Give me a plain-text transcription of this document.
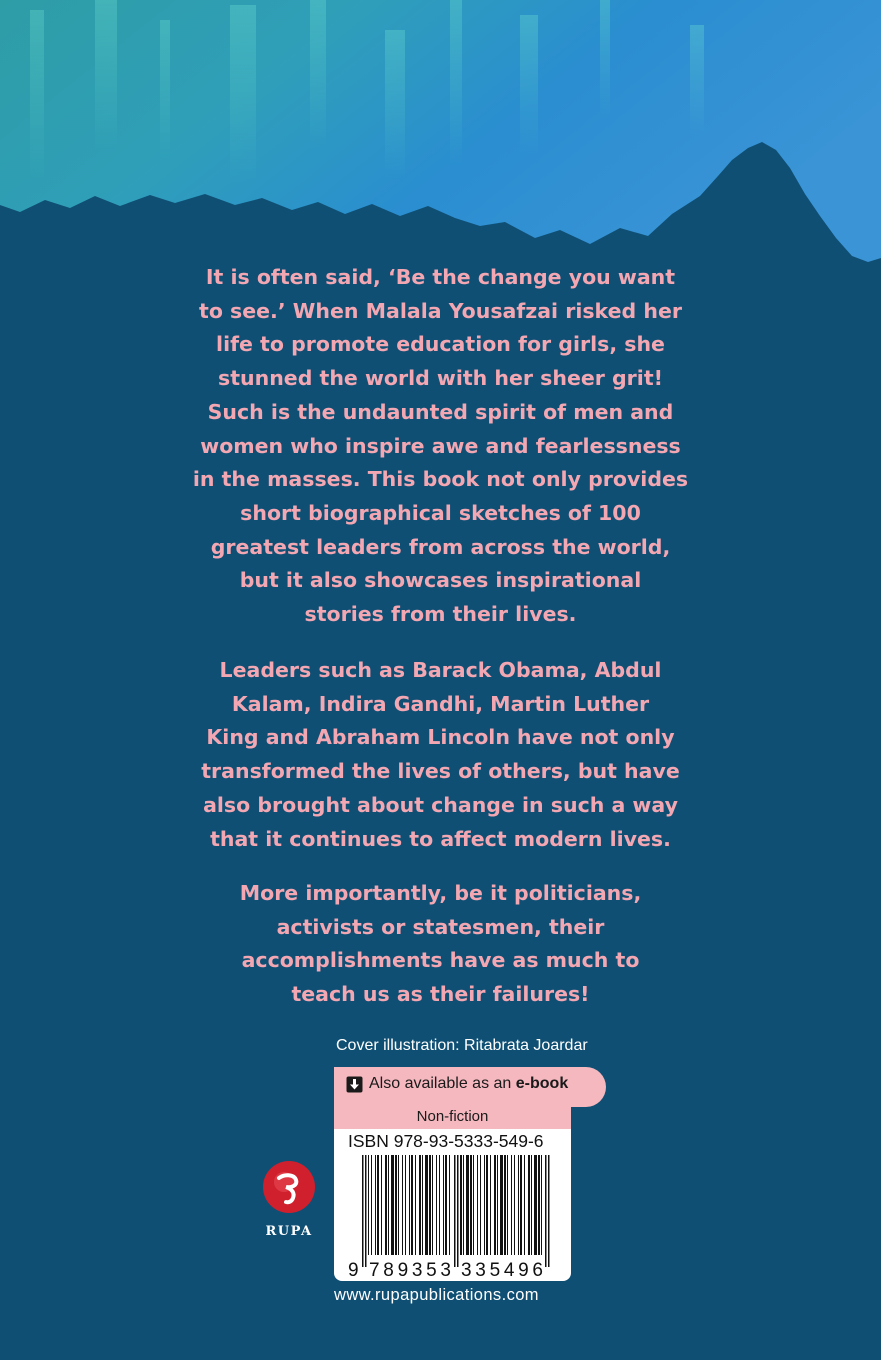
It is often said, ‘Be the change you want
to see.’ When Malala Yousafzai risked her
life to promote education for girls, she
stunned the world with her sheer grit!
Such is the undaunted spirit of men and
women who inspire awe and fearlessness
in the masses. This book not only provides
short biographical sketches of 100
greatest leaders from across the world,
but it also showcases inspirational
stories from their lives.

Leaders such as Barack Obama, Abdul
Kalam, Indira Gandhi, Martin Luther
King and Abraham Lincoln have not only
transformed the lives of others, but have
also brought about change in such a way
that it continues to affect modern lives.

More importantly, be it politicians,
activists or statesmen, their
accomplishments have as much to
teach us as their failures!

Cover illustration: Ritabrata Joardar
Also available as an e-book
Non-fiction
ISBN 978-93-5333-549-6
9 789353 335496
RUPA
www.rupapublications.com
